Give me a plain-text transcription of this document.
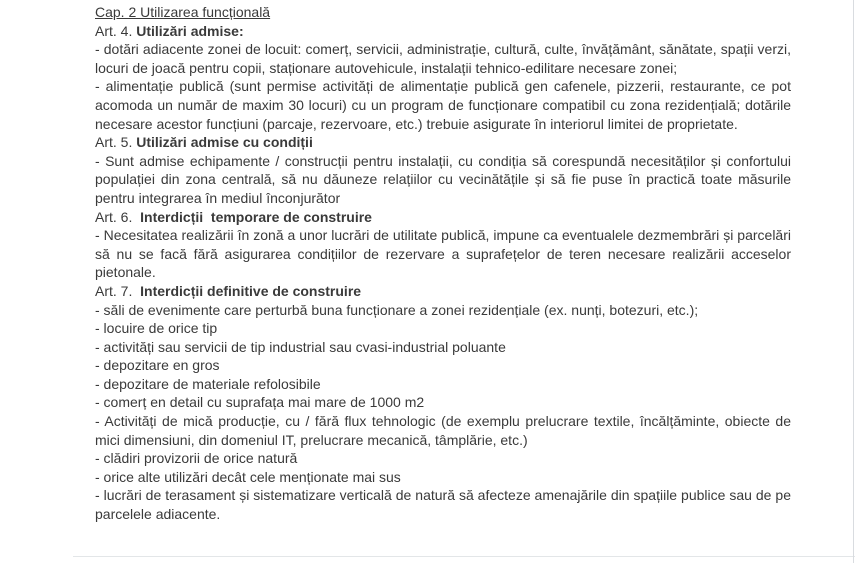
Cap. 2 Utilizarea funcțională

Art. 4. Utilizări admise:

- dotări adiacente zonei de locuit: comerț, servicii, administrație, cultură, culte, învățământ, sănătate, spații verzi, locuri de joacă pentru copii, staționare autovehicule, instalații tehnico-edilitare necesare zonei;

- alimentație publică (sunt permise activități de alimentație publică gen cafenele, pizzerii, restaurante, ce pot acomoda un număr de maxim 30 locuri) cu un program de funcționare compatibil cu zona rezidențială; dotările necesare acestor funcțiuni (parcaje, rezervoare, etc.) trebuie asigurate în interiorul limitei de proprietate.

Art. 5. Utilizări admise cu condiții

- Sunt admise echipamente / construcții pentru instalații, cu condiția să corespundă necesităților și confortului populației din zona centrală, să nu dăuneze relațiilor cu vecinătățile și să fie puse în practică toate măsurile pentru integrarea în mediul înconjurător

Art. 6.  Interdicții  temporare de construire

- Necesitatea realizării în zonă a unor lucrări de utilitate publică, impune ca eventualele dezmembrări și parcelări să nu se facă fără asigurarea condițiilor de rezervare a suprafețelor de teren necesare realizării acceselor pietonale.

Art. 7.  Interdicții definitive de construire

- săli de evenimente care perturbă buna funcționare a zonei rezidențiale (ex. nunți, botezuri, etc.);

- locuire de orice tip

- activități sau servicii de tip industrial sau cvasi-industrial poluante

- depozitare en gros

- depozitare de materiale refolosibile

- comerț en detail cu suprafața mai mare de 1000 m2

- Activități de mică producție, cu / fără flux tehnologic (de exemplu prelucrare textile, încălțăminte, obiecte de mici dimensiuni, din domeniul IT, prelucrare mecanică, tâmplărie, etc.)

- clădiri provizorii de orice natură

- orice alte utilizări decât cele menționate mai sus

- lucrări de terasament și sistematizare verticală de natură să afecteze amenajările din spațiile publice sau de pe parcelele adiacente.
